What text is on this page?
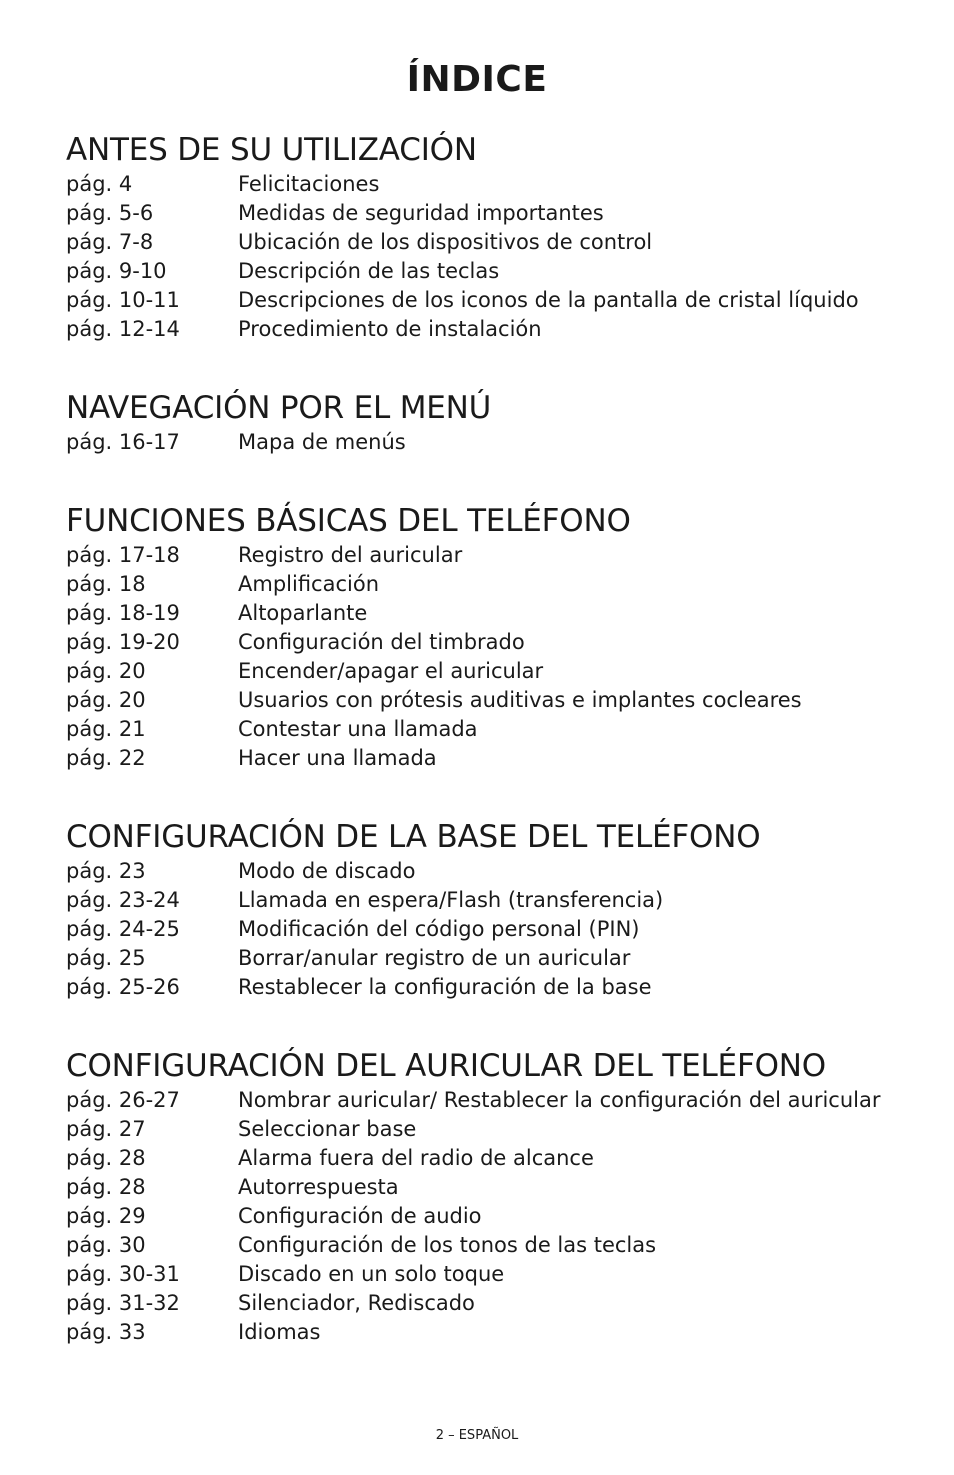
ÍNDICE
ANTES DE SU UTILIZACIÓN
pág. 4	Felicitaciones
pág. 5-6	Medidas de seguridad importantes
pág. 7-8	Ubicación de los dispositivos de control
pág. 9-10	Descripción de las teclas
pág. 10-11	Descripciones de los iconos de la pantalla de cristal líquido
pág. 12-14	Procedimiento de instalación
NAVEGACIÓN POR EL MENÚ
pág. 16-17	Mapa de menús
FUNCIONES BÁSICAS DEL TELÉFONO
pág. 17-18	Registro del auricular
pág. 18	Amplificación
pág. 18-19	Altoparlante
pág. 19-20	Configuración del timbrado
pág. 20	Encender/apagar el auricular
pág. 20	Usuarios con prótesis auditivas e implantes cocleares
pág. 21	Contestar una llamada
pág. 22	Hacer una llamada
CONFIGURACIÓN DE LA BASE DEL TELÉFONO
pág. 23	Modo de discado
pág. 23-24	Llamada en espera/Flash (transferencia)
pág. 24-25	Modificación del código personal (PIN)
pág. 25	Borrar/anular registro de un auricular
pág. 25-26	Restablecer la configuración de la base
CONFIGURACIÓN DEL AURICULAR DEL TELÉFONO
pág. 26-27	Nombrar auricular/ Restablecer la configuración del auricular
pág. 27	Seleccionar base
pág. 28	Alarma fuera del radio de alcance
pág. 28	Autorrespuesta
pág. 29	Configuración de audio
pág. 30	Configuración de los tonos de las teclas
pág. 30-31	Discado en un solo toque
pág. 31-32	Silenciador, Rediscado
pág. 33	Idiomas
2 – ESPAÑOL
